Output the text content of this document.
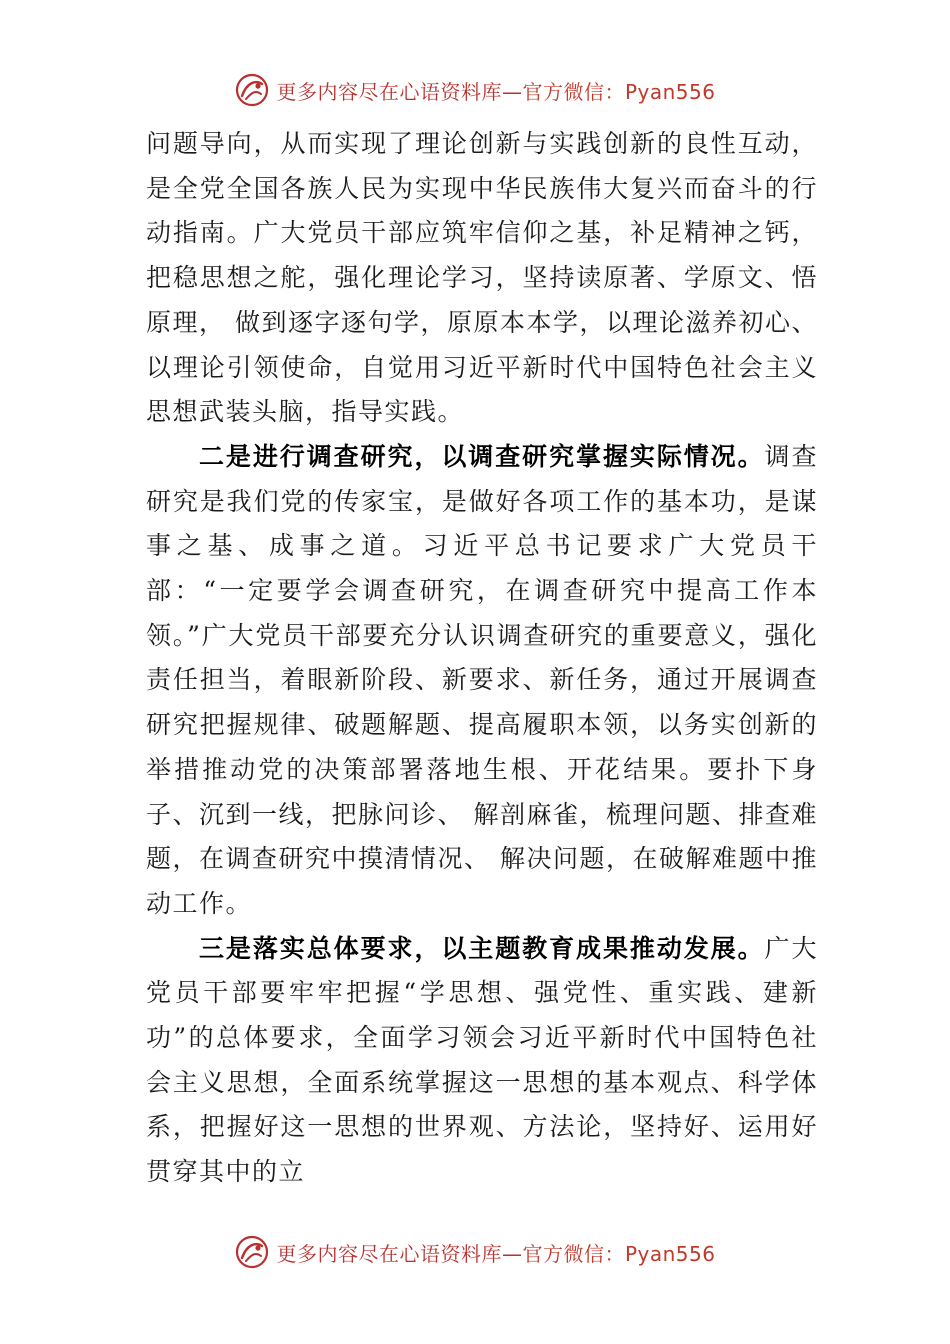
更多内容尽在心语资料库—官方微信：Pyan556

问题导向，从而实现了理论创新与实践创新的良性互动，是全党全国各族人民为实现中华民族伟大复兴而奋斗的行动指南。广大党员干部应筑牢信仰之基，补足精神之钙，把稳思想之舵，强化理论学习，坚持读原著、学原文、悟原理， 做到逐字逐句学，原原本本学，以理论滋养初心、以理论引领使命，自觉用习近平新时代中国特色社会主义思想武装头脑，指导实践。

二是进行调查研究，以调查研究掌握实际情况。调查研究是我们党的传家宝，是做好各项工作的基本功，是谋事之基、成事之道。习近平总书记要求广大党员干部：“一定要学会调查研究，在调查研究中提高工作本领。”广大党员干部要充分认识调查研究的重要意义，强化责任担当，着眼新阶段、新要求、新任务，通过开展调查研究把握规律、破题解题、提高履职本领，以务实创新的举措推动党的决策部署落地生根、开花结果。要扑下身子、沉到一线，把脉问诊、 解剖麻雀，梳理问题、排查难题，在调查研究中摸清情况、 解决问题，在破解难题中推动工作。

三是落实总体要求，以主题教育成果推动发展。广大党员干部要牢牢把握“学思想、强党性、重实践、建新功”的总体要求，全面学习领会习近平新时代中国特色社会主义思想，全面系统掌握这一思想的基本观点、科学体系，把握好这一思想的世界观、方法论，坚持好、运用好贯穿其中的立

更多内容尽在心语资料库—官方微信：Pyan556
